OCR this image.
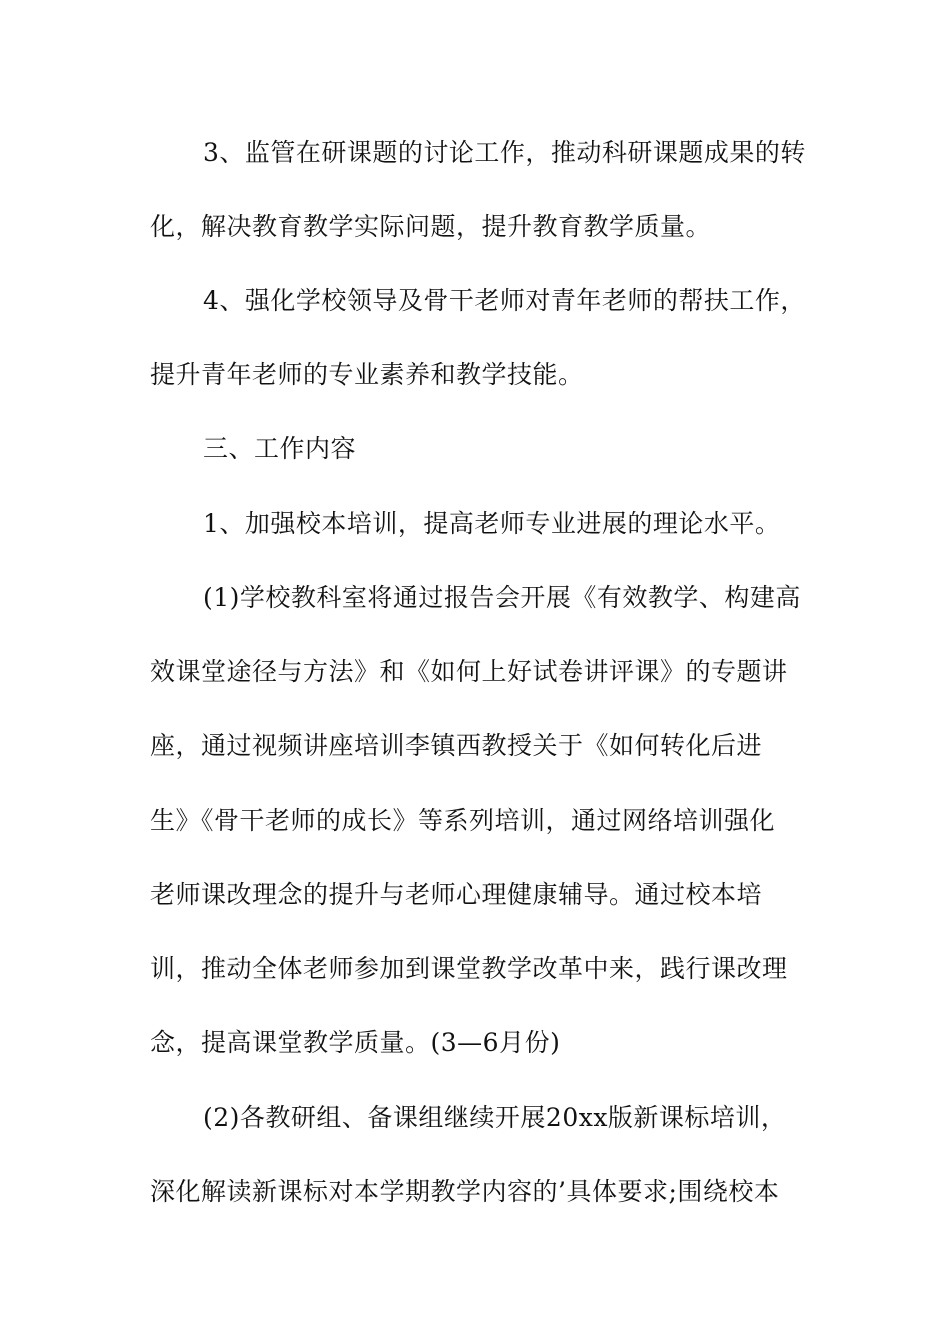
3、监管在研课题的讨论工作，推动科研课题成果的转
化，解决教育教学实际问题，提升教育教学质量。
4、强化学校领导及骨干老师对青年老师的帮扶工作，
提升青年老师的专业素养和教学技能。
三、工作内容
1、加强校本培训，提高老师专业进展的理论水平。
(1)学校教科室将通过报告会开展《有效教学、构建高
效课堂途径与方法》和《如何上好试卷讲评课》的专题讲
座，通过视频讲座培训李镇西教授关于《如何转化后进
生》《骨干老师的成长》等系列培训，通过网络培训强化
老师课改理念的提升与老师心理健康辅导。通过校本培
训，推动全体老师参加到课堂教学改革中来，践行课改理
念，提高课堂教学质量。(3—6月份)
(2)各教研组、备课组继续开展20xx版新课标培训，
深化解读新课标对本学期教学内容的’具体要求;围绕校本
